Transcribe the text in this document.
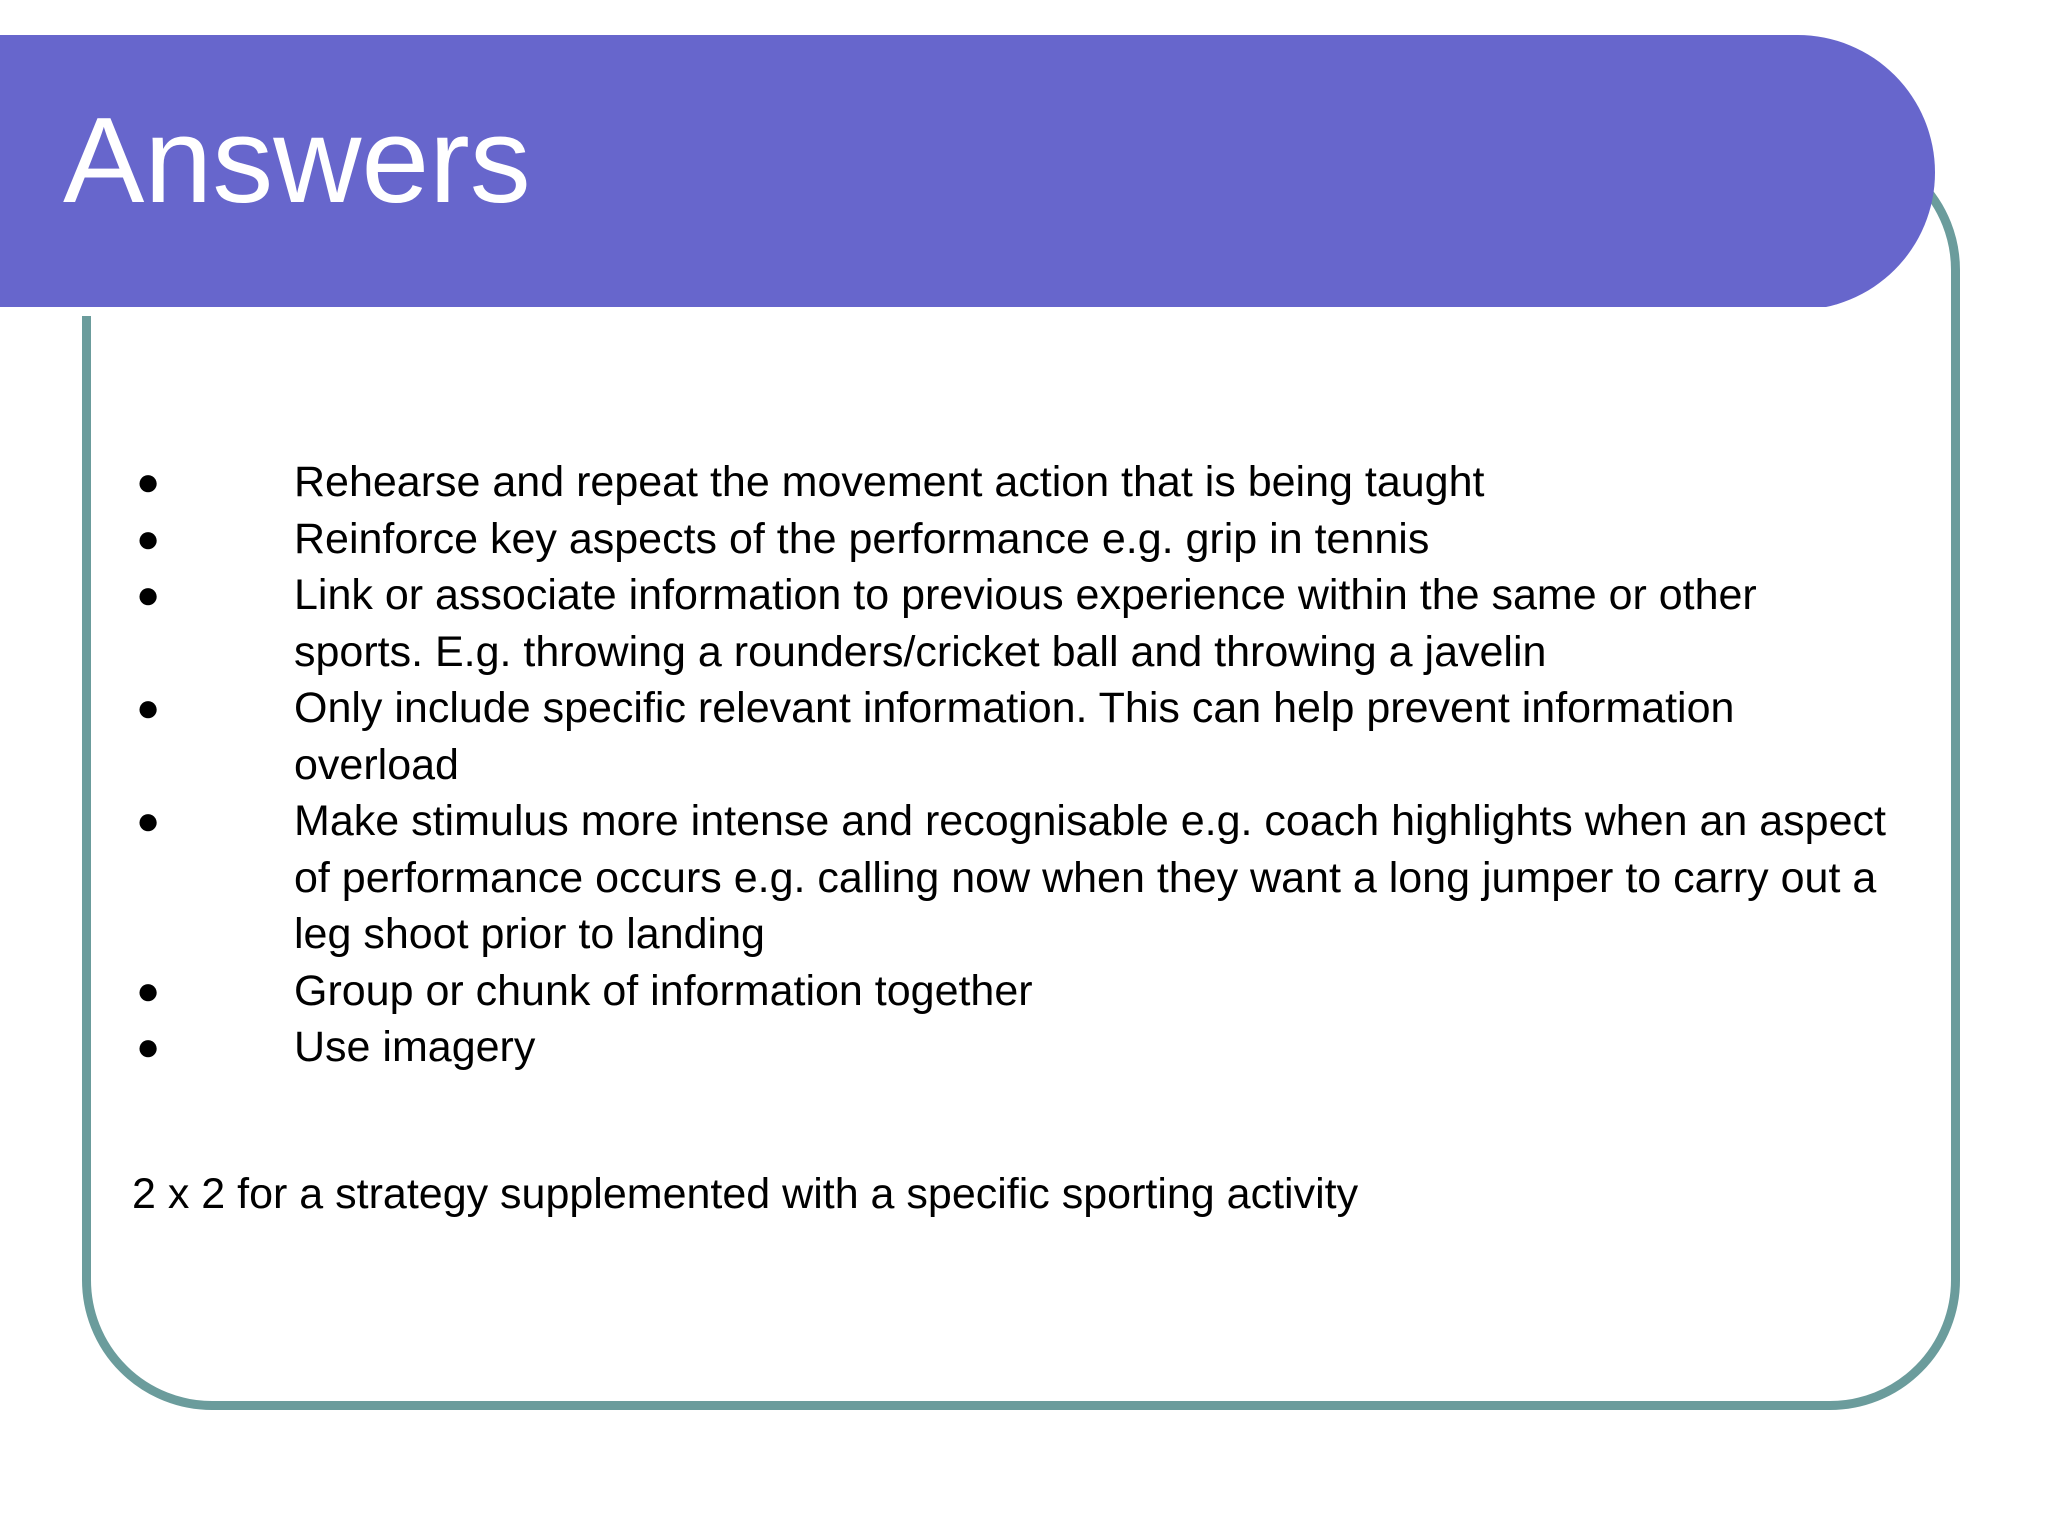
Answers
●	Rehearse and repeat the movement action that is being taught
●	Reinforce key aspects of the performance e.g. grip in tennis
●	Link or associate information to previous experience within the same or other sports. E.g. throwing a rounders/cricket ball and throwing a javelin
●	Only include specific relevant information. This can help prevent information overload
●	Make stimulus more intense and recognisable e.g. coach highlights when an aspect of performance occurs e.g. calling now when they want a long jumper to carry out a leg shoot prior to landing
●	Group or chunk of information together
●	Use imagery

2 x 2 for a strategy supplemented with a specific sporting activity
